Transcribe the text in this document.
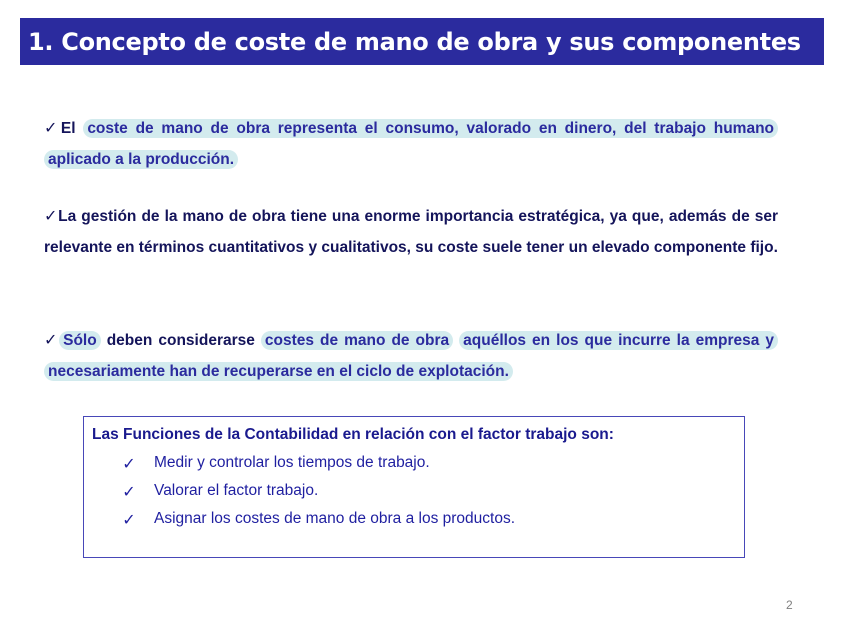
1. Concepto de coste de mano de obra y sus componentes
✓El coste de mano de obra representa el consumo, valorado en dinero, del trabajo humano aplicado a la producción.
✓La gestión de la mano de obra tiene una enorme importancia estratégica, ya que, además de ser relevante en términos cuantitativos y cualitativos, su coste suele tener un elevado componente fijo.
✓ Sólo deben considerarse costes de mano de obra aquéllos en los que incurre la empresa y necesariamente han de recuperarse en el ciclo de explotación.

Las Funciones de la Contabilidad en relación con el factor trabajo son:

✓ Medir y controlar los tiempos de trabajo.
✓ Valorar el factor trabajo.
✓ Asignar los costes de mano de obra a los productos.
2
